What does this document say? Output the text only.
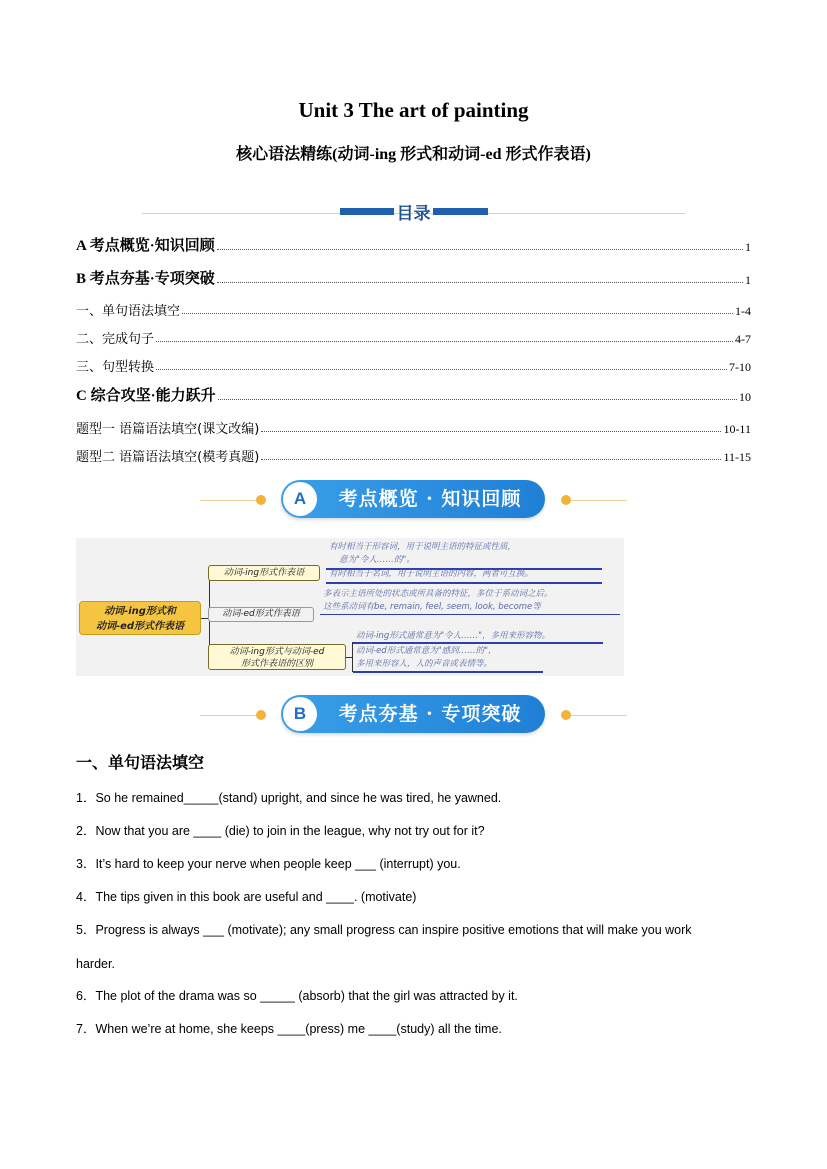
Unit 3 The art of painting
核心语法精练(动词-ing 形式和动词-ed 形式作表语)
目录
A 考点概览·知识回顾	1
B 考点夯基·专项突破	1
一、单句语法填空	1-4
二、完成句子	4-7
三、句型转换	7-10
C 综合攻坚·能力跃升	10
题型一 语篇语法填空(课文改编)	10-11
题型二 语篇语法填空(模考真题)	11-15
A	考点概览 · 知识回顾
动词-ing形式和
动词-ed形式作表语
动词-ing形式作表语
有时相当于形容词，用于说明主语的特征或性质，
意为"令人……的"。
有时相当于名词，用于说明主语的内容，两者可互换。
动词-ed形式作表语
多表示主语所处的状态或所具备的特征，多位于系动词之后。
这些系动词有be, remain, feel, seem, look, become等
动词-ing形式与动词-ed
形式作表语的区别
动词-ing形式通常意为"令人……"，多用来形容物。
动词-ed形式通常意为"感到……的"，
多用来形容人，人的声音或表情等。
B	考点夯基 · 专项突破
一、单句语法填空
1．So he remained_____(stand) upright, and since he was tired, he yawned.
2．Now that you are ____ (die) to join in the league, why not try out for it?
3．It’s hard to keep your nerve when people keep ___ (interrupt) you.
4．The tips given in this book are useful and ____. (motivate)
5．Progress is always ___ (motivate); any small progress can inspire positive emotions that will make you work
harder.
6．The plot of the drama was so _____ (absorb) that the girl was attracted by it.
7．When we’re at home, she keeps ____(press) me ____(study) all the time.
